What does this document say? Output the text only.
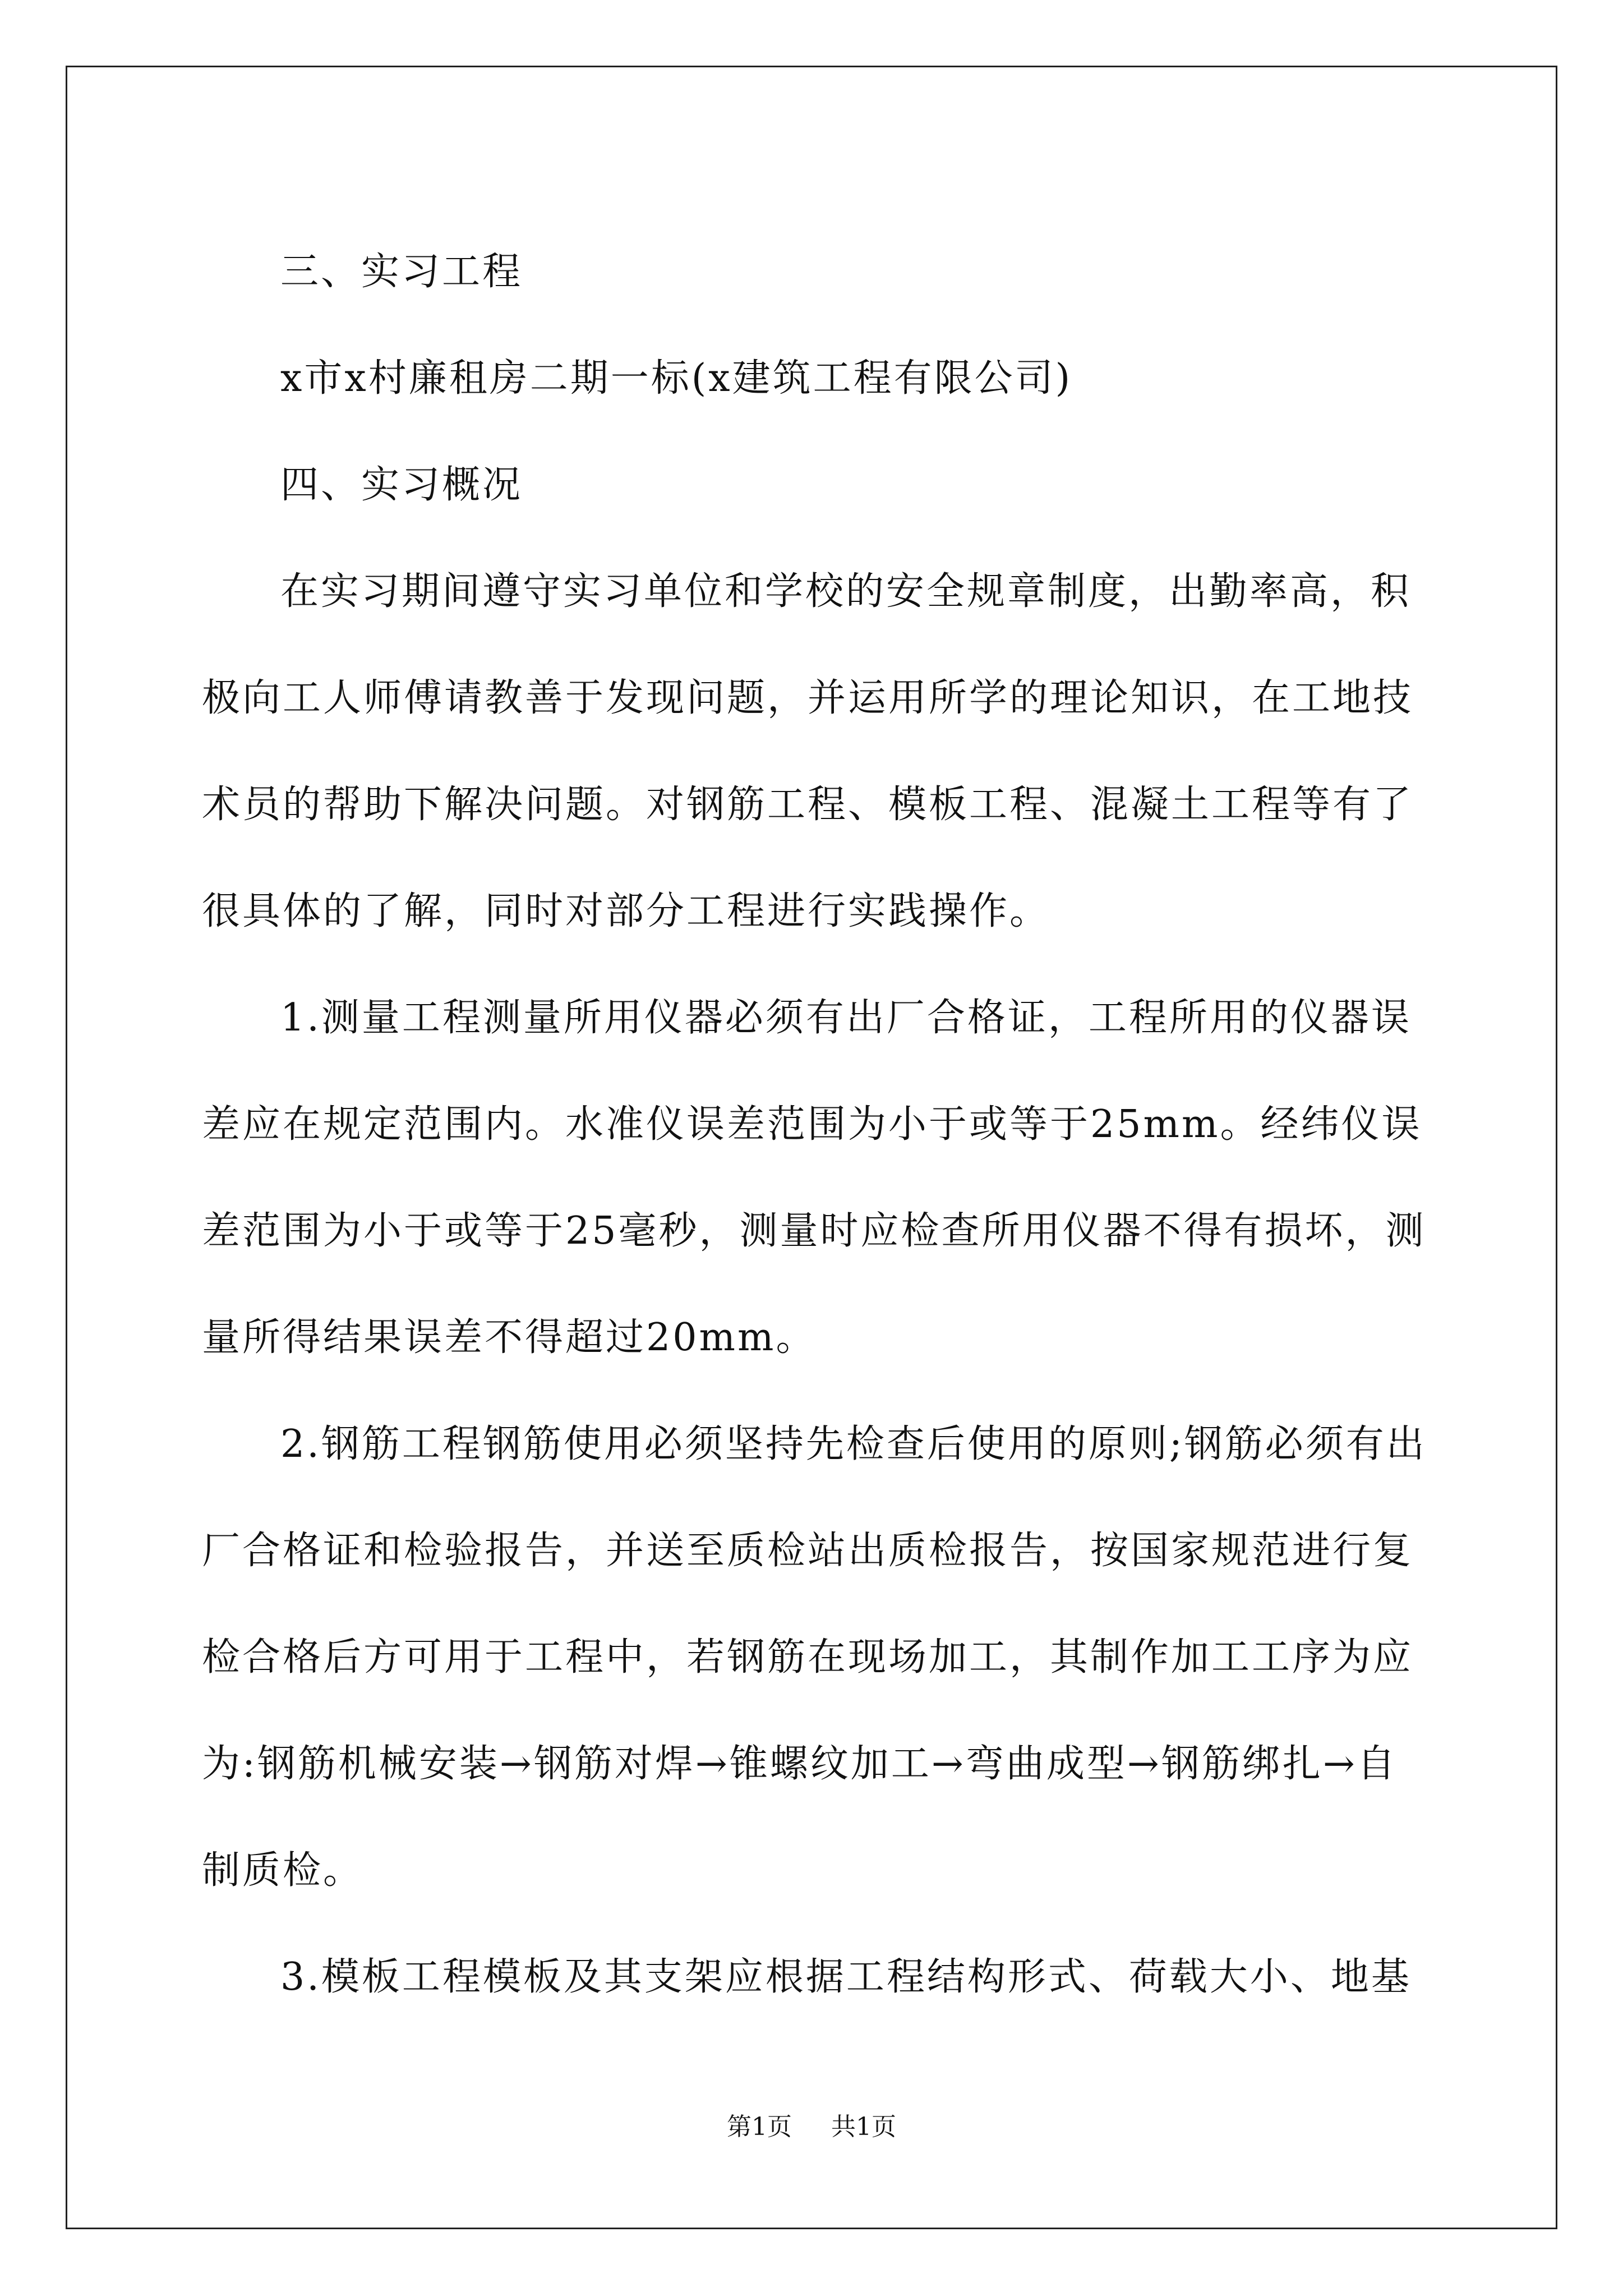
三、实习工程

x市x村廉租房二期一标(x建筑工程有限公司)

四、实习概况

在实习期间遵守实习单位和学校的安全规章制度，出勤率高，积极向工人师傅请教善于发现问题，并运用所学的理论知识，在工地技术员的帮助下解决问题。对钢筋工程、模板工程、混凝土工程等有了很具体的了解，同时对部分工程进行实践操作。

1.测量工程测量所用仪器必须有出厂合格证，工程所用的仪器误差应在规定范围内。水准仪误差范围为小于或等于25mm。经纬仪误差范围为小于或等于25毫秒，测量时应检查所用仪器不得有损坏，测量所得结果误差不得超过20mm。

2.钢筋工程钢筋使用必须坚持先检查后使用的原则;钢筋必须有出厂合格证和检验报告，并送至质检站出质检报告，按国家规范进行复检合格后方可用于工程中，若钢筋在现场加工，其制作加工工序为应为:钢筋机械安装→钢筋对焊→锥螺纹加工→弯曲成型→钢筋绑扎→自制质检。

3.模板工程模板及其支架应根据工程结构形式、荷载大小、地基

第1页 共1页
